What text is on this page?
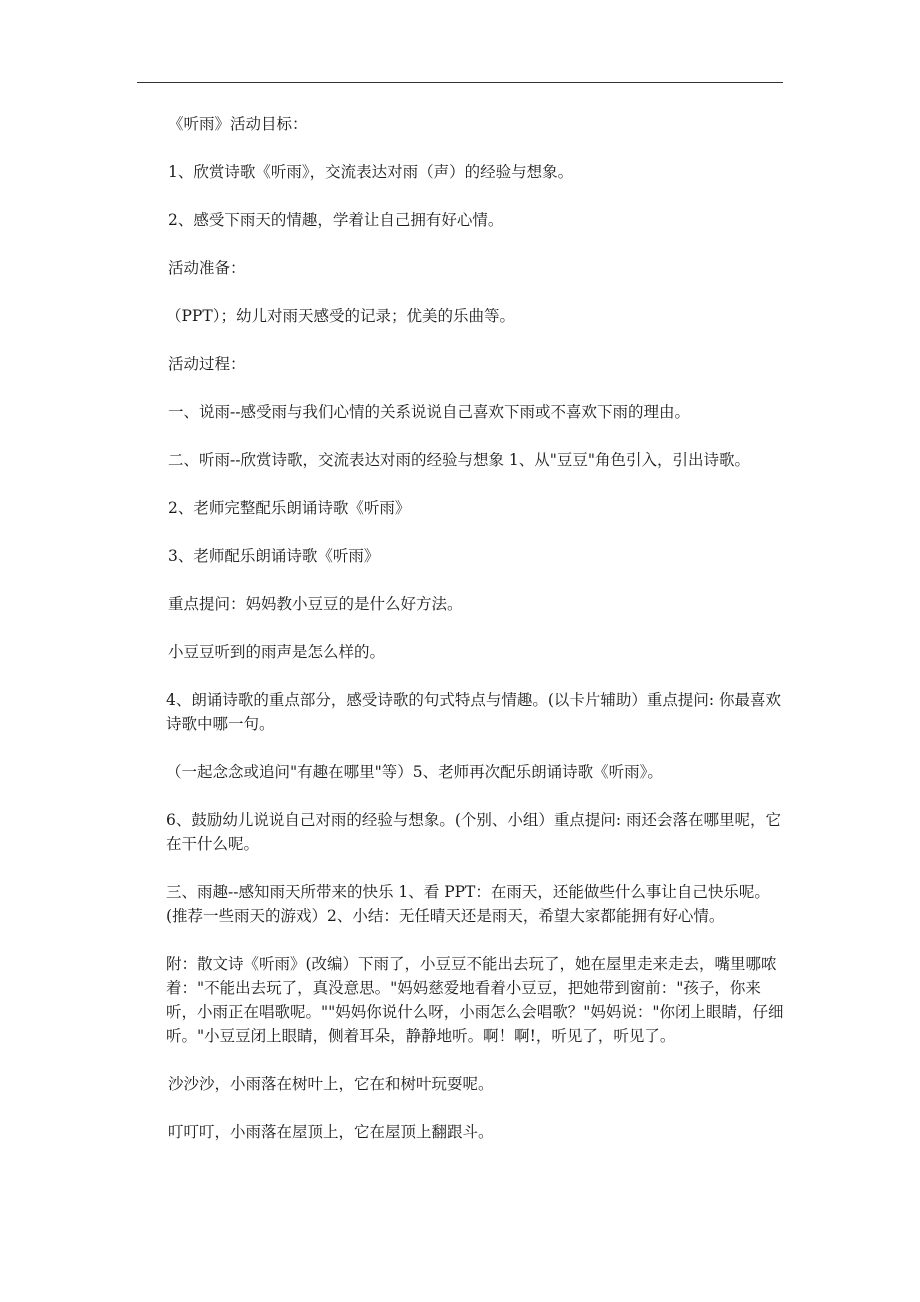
《听雨》活动目标：

1、欣赏诗歌《听雨》，交流表达对雨（声）的经验与想象。

2、感受下雨天的情趣，学着让自己拥有好心情。

活动准备：

（PPT）；幼儿对雨天感受的记录；优美的乐曲等。

活动过程：

一、说雨--感受雨与我们心情的关系说说自己喜欢下雨或不喜欢下雨的理由。

二、听雨--欣赏诗歌，交流表达对雨的经验与想象 1、从"豆豆"角色引入，引出诗歌。

2、老师完整配乐朗诵诗歌《听雨》

3、老师配乐朗诵诗歌《听雨》

重点提问：妈妈教小豆豆的是什么好方法。

小豆豆听到的雨声是怎么样的。

4、朗诵诗歌的重点部分，感受诗歌的句式特点与情趣。(以卡片辅助）重点提问: 你最喜欢诗歌中哪一句。

（一起念念或追问"有趣在哪里"等）5、老师再次配乐朗诵诗歌《听雨》。

6、鼓励幼儿说说自己对雨的经验与想象。(个别、小组）重点提问: 雨还会落在哪里呢，它在干什么呢。

三、雨趣--感知雨天所带来的快乐 1、看 PPT：在雨天，还能做些什么事让自己快乐呢。(推荐一些雨天的游戏）2、小结：无任晴天还是雨天，希望大家都能拥有好心情。

附：散文诗《听雨》(改编）下雨了，小豆豆不能出去玩了，她在屋里走来走去，嘴里哪哝着："不能出去玩了，真没意思。"妈妈慈爱地看着小豆豆，把她带到窗前："孩子，你来听，小雨正在唱歌呢。""妈妈你说什么呀，小雨怎么会唱歌？"妈妈说："你闭上眼睛，仔细听。"小豆豆闭上眼睛，侧着耳朵，静静地听。啊！啊!，听见了，听见了。

沙沙沙，小雨落在树叶上，它在和树叶玩耍呢。

叮叮叮，小雨落在屋顶上，它在屋顶上翻跟斗。
